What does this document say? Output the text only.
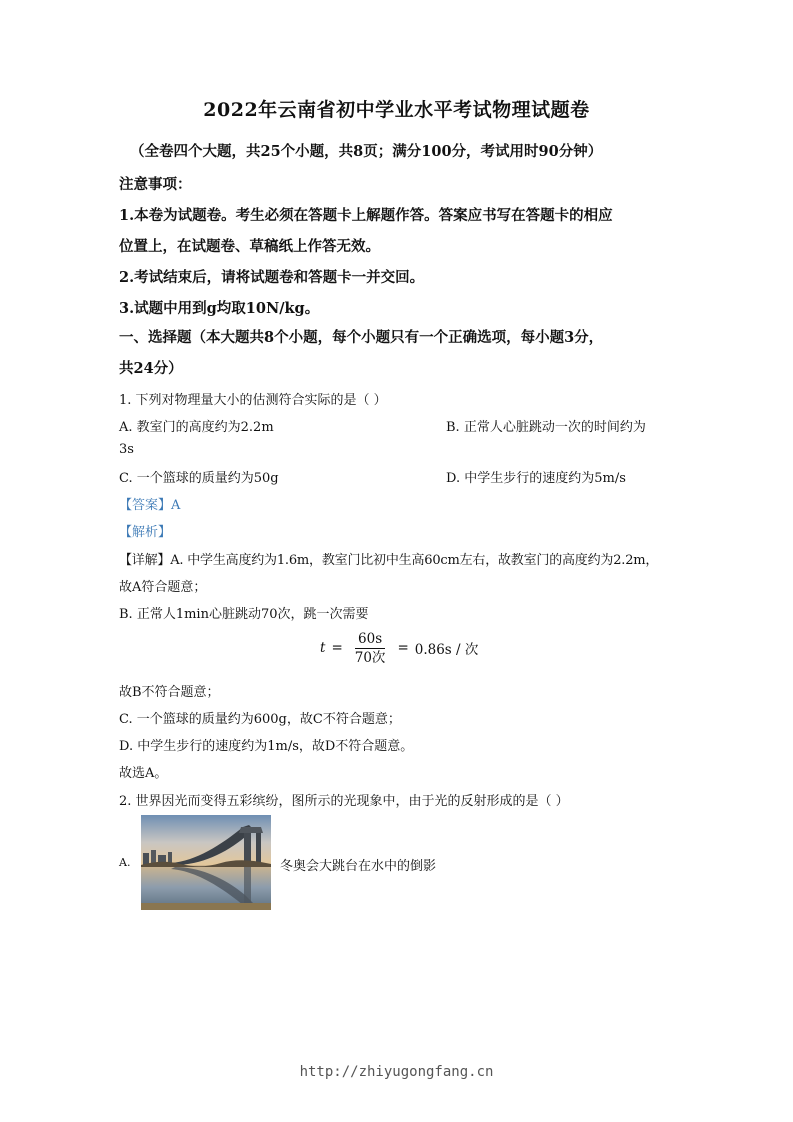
2022年云南省初中学业水平考试物理试题卷
（全卷四个大题，共25个小题，共8页；满分100分，考试用时90分钟）
注意事项：
1.本卷为试题卷。考生必须在答题卡上解题作答。答案应书写在答题卡的相应
位置上，在试题卷、草稿纸上作答无效。
2.考试结束后，请将试题卷和答题卡一并交回。
3.试题中用到g均取10N/kg。
一、选择题（本大题共8个小题，每个小题只有一个正确选项，每小题3分，
共24分）
1. 下列对物理量大小的估测符合实际的是（ ）
A. 教室门的高度约为2.2m	B. 正常人心脏跳动一次的时间约为
3s
C. 一个篮球的质量约为50g	D. 中学生步行的速度约为5m/s
【答案】A
【解析】
【详解】A. 中学生高度约为1.6m，教室门比初中生高60cm左右，故教室门的高度约为2.2m，
故A符合题意；
B. 正常人1min心脏跳动70次，跳一次需要
$t = \frac{60s}{\text{70次}} = 0.86s$ / 次
故B不符合题意；
C. 一个篮球的质量约为600g，故C不符合题意；
D. 中学生步行的速度约为1m/s，故D不符合题意。
故选A。
2. 世界因光而变得五彩缤纷，图所示的光现象中，由于光的反射形成的是（ ）
A.	冬奥会大跳台在水中的倒影
http://zhiyugongfang.cn
